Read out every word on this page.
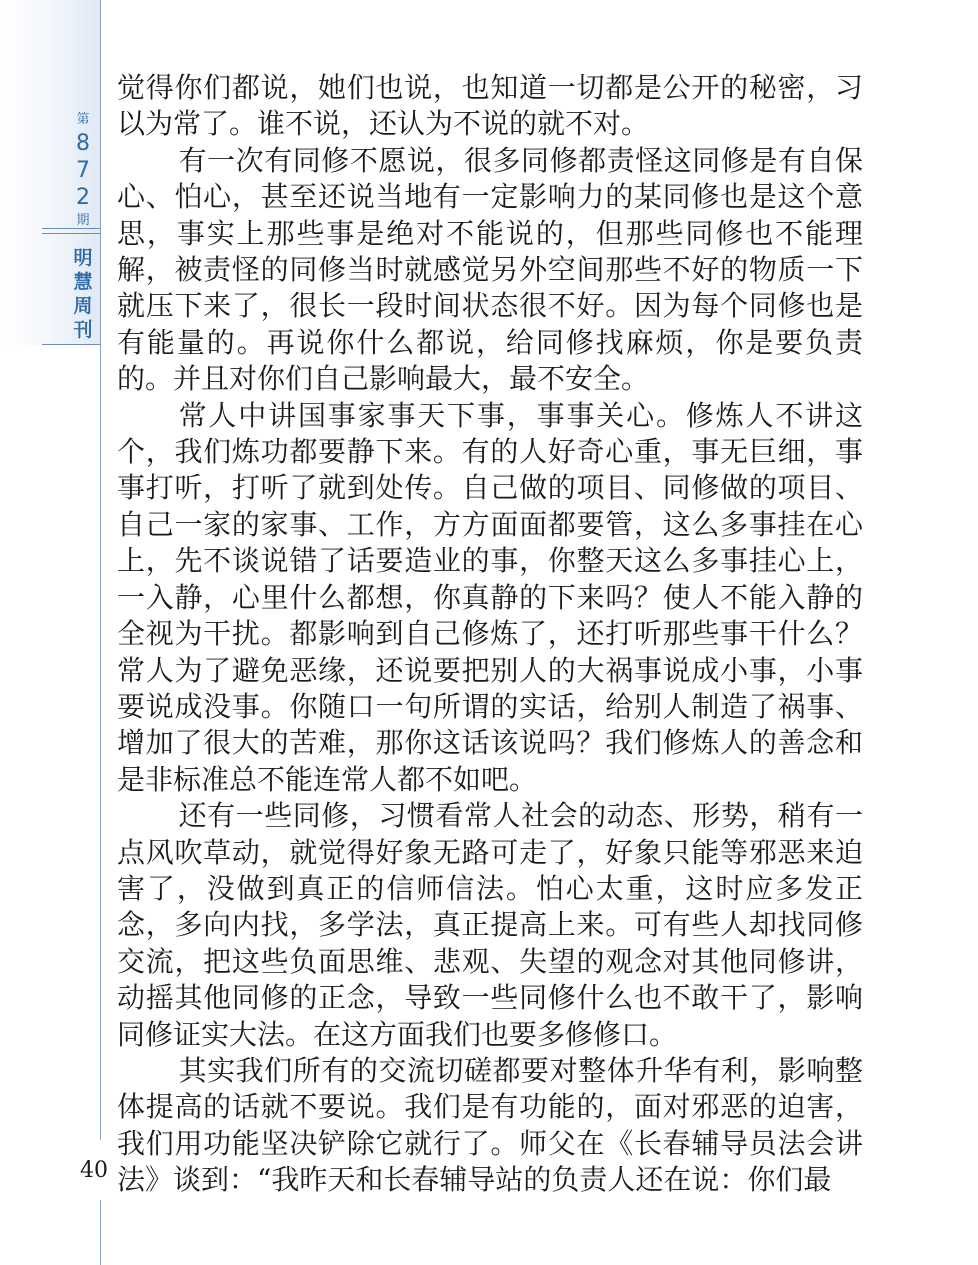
第
8
7
2
期
明
慧
周
刊

觉得你们都说，她们也说，也知道一切都是公开的秘密，习以为常了。谁不说，还认为不说的就不对。

有一次有同修不愿说，很多同修都责怪这同修是有自保心、怕心，甚至还说当地有一定影响力的某同修也是这个意思，事实上那些事是绝对不能说的，但那些同修也不能理解，被责怪的同修当时就感觉另外空间那些不好的物质一下就压下来了，很长一段时间状态很不好。因为每个同修也是有能量的。再说你什么都说，给同修找麻烦，你是要负责的。并且对你们自己影响最大，最不安全。

常人中讲国事家事天下事，事事关心。修炼人不讲这个，我们炼功都要静下来。有的人好奇心重，事无巨细，事事打听，打听了就到处传。自己做的项目、同修做的项目、自己一家的家事、工作，方方面面都要管，这么多事挂在心上，先不谈说错了话要造业的事，你整天这么多事挂心上，一入静，心里什么都想，你真静的下来吗？使人不能入静的全视为干扰。都影响到自己修炼了，还打听那些事干什么？常人为了避免恶缘，还说要把别人的大祸事说成小事，小事要说成没事。你随口一句所谓的实话，给别人制造了祸事、增加了很大的苦难，那你这话该说吗？我们修炼人的善念和是非标准总不能连常人都不如吧。

还有一些同修，习惯看常人社会的动态、形势，稍有一点风吹草动，就觉得好象无路可走了，好象只能等邪恶来迫害了，没做到真正的信师信法。怕心太重，这时应多发正念，多向内找，多学法，真正提高上来。可有些人却找同修交流，把这些负面思维、悲观、失望的观念对其他同修讲，动摇其他同修的正念，导致一些同修什么也不敢干了，影响同修证实大法。在这方面我们也要多修修口。

其实我们所有的交流切磋都要对整体升华有利，影响整体提高的话就不要说。我们是有功能的，面对邪恶的迫害，我们用功能坚决铲除它就行了。师父在《长春辅导员法会讲法》谈到：“我昨天和长春辅导站的负责人还在说：你们最

40
